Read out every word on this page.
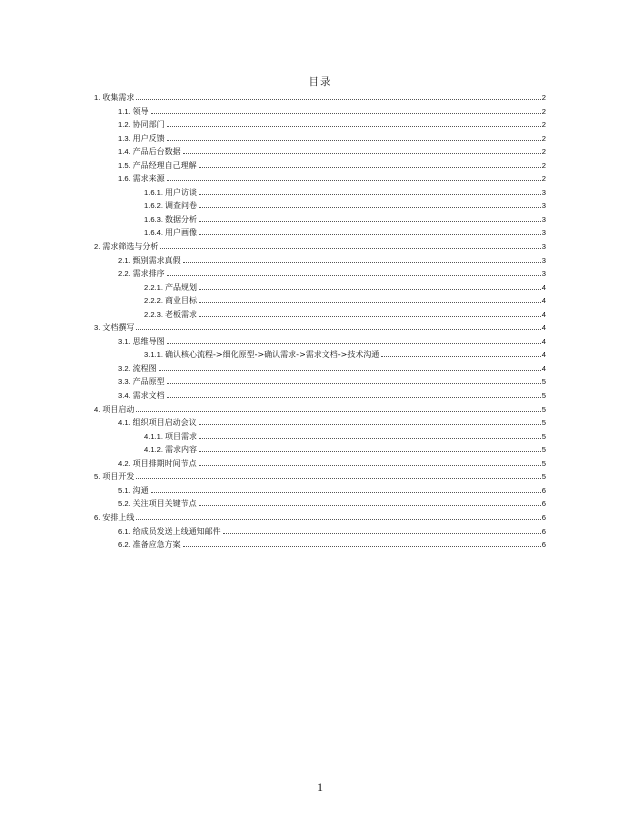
目录
1. 收集需求	2
1.1. 领导	2
1.2. 协同部门	2
1.3. 用户反馈	2
1.4. 产品后台数据	2
1.5. 产品经理自己理解	2
1.6. 需求来源	2
1.6.1. 用户访谈	3
1.6.2. 调查问卷	3
1.6.3. 数据分析	3
1.6.4. 用户画像	3
2. 需求筛选与分析	3
2.1. 甄别需求真假	3
2.2. 需求排序	3
2.2.1. 产品规划	4
2.2.2. 商业目标	4
2.2.3. 老板需求	4
3. 文档撰写	4
3.1. 思维导图	4
3.1.1. 确认核心流程->细化原型->确认需求->需求文档->技术沟通	4
3.2. 流程图	4
3.3. 产品原型	5
3.4. 需求文档	5
4. 项目启动	5
4.1. 组织项目启动会议	5
4.1.1. 项目需求	5
4.1.2. 需求内容	5
4.2. 项目排期时间节点	5
5. 项目开发	5
5.1. 沟通	6
5.2. 关注项目关键节点	6
6. 安排上线	6
6.1. 给成员发送上线通知邮件	6
6.2. 准备应急方案	6
1
